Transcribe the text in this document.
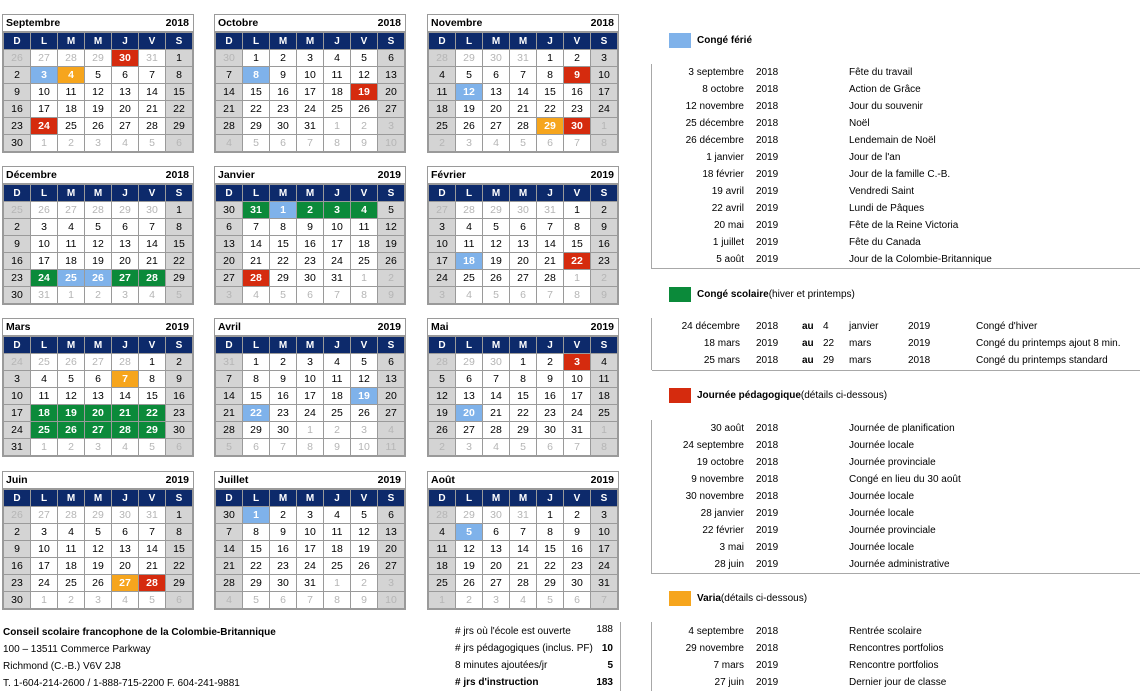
Septembre	2018
D	L	M	M	J	V	S
26	27	28	29	30	31	1
2	3	4	5	6	7	8
9	10	11	12	13	14	15
16	17	18	19	20	21	22
23	24	25	26	27	28	29
30	1	2	3	4	5	6
Octobre	2018
D	L	M	M	J	V	S
30	1	2	3	4	5	6
7	8	9	10	11	12	13
14	15	16	17	18	19	20
21	22	23	24	25	26	27
28	29	30	31	1	2	3
4	5	6	7	8	9	10
Novembre	2018
D	L	M	M	J	V	S
28	29	30	31	1	2	3
4	5	6	7	8	9	10
11	12	13	14	15	16	17
18	19	20	21	22	23	24
25	26	27	28	29	30	1
2	3	4	5	6	7	8
Décembre	2018
D	L	M	M	J	V	S
25	26	27	28	29	30	1
2	3	4	5	6	7	8
9	10	11	12	13	14	15
16	17	18	19	20	21	22
23	24	25	26	27	28	29
30	31	1	2	3	4	5
Janvier	2019
D	L	M	M	J	V	S
30	31	1	2	3	4	5
6	7	8	9	10	11	12
13	14	15	16	17	18	19
20	21	22	23	24	25	26
27	28	29	30	31	1	2
3	4	5	6	7	8	9
Février	2019
D	L	M	M	J	V	S
27	28	29	30	31	1	2
3	4	5	6	7	8	9
10	11	12	13	14	15	16
17	18	19	20	21	22	23
24	25	26	27	28	1	2
3	4	5	6	7	8	9
Mars	2019
D	L	M	M	J	V	S
24	25	26	27	28	1	2
3	4	5	6	7	8	9
10	11	12	13	14	15	16
17	18	19	20	21	22	23
24	25	26	27	28	29	30
31	1	2	3	4	5	6
Avril	2019
D	L	M	M	J	V	S
31	1	2	3	4	5	6
7	8	9	10	11	12	13
14	15	16	17	18	19	20
21	22	23	24	25	26	27
28	29	30	1	2	3	4
5	6	7	8	9	10	11
Mai	2019
D	L	M	M	J	V	S
28	29	30	1	2	3	4
5	6	7	8	9	10	11
12	13	14	15	16	17	18
19	20	21	22	23	24	25
26	27	28	29	30	31	1
2	3	4	5	6	7	8
Juin	2019
D	L	M	M	J	V	S
26	27	28	29	30	31	1
2	3	4	5	6	7	8
9	10	11	12	13	14	15
16	17	18	19	20	21	22
23	24	25	26	27	28	29
30	1	2	3	4	5	6
Juillet	2019
D	L	M	M	J	V	S
30	1	2	3	4	5	6
7	8	9	10	11	12	13
14	15	16	17	18	19	20
21	22	23	24	25	26	27
28	29	30	31	1	2	3
4	5	6	7	8	9	10
Août	2019
D	L	M	M	J	V	S
28	29	30	31	1	2	3
4	5	6	7	8	9	10
11	12	13	14	15	16	17
18	19	20	21	22	23	24
25	26	27	28	29	30	31
1	2	3	4	5	6	7
Congé férié
3 septembre 2018	Fête du travail
8 octobre 2018	Action de Grâce
12 novembre 2018	Jour du souvenir
25 décembre 2018	Noël
26 décembre 2018	Lendemain de Noël
1 janvier 2019	Jour de l'an
18 février 2019	Jour de la famille C.-B.
19 avril 2019	Vendredi Saint
22 avril 2019	Lundi de Pâques
20 mai 2019	Fête de la Reine Victoria
1 juillet 2019	Fête du Canada
5 août 2019	Jour de la Colombie-Britannique
Congé scolaire (hiver et printemps)
24 décembre 2018 au 4 janvier	2019	Congé d'hiver
18 mars 2019 au 22 mars	2019	Congé du printemps ajout 8 min.
25 mars 2018 au 29 mars	2018	Congé du printemps standard
Journée pédagogique (détails ci-dessous)
30 août 2018	Journée de planification
24 septembre 2018	Journée locale
19 octobre 2018	Journée provinciale
9 novembre 2018	Congé en lieu du 30 août
30 novembre 2018	Journée locale
28 janvier 2019	Journée locale
22 février 2019	Journée provinciale
3 mai 2019	Journée locale
28 juin 2019	Journée administrative
Varia (détails ci-dessous)
4 septembre 2018	Rentrée scolaire
29 novembre 2018	Rencontres portfolios
7 mars 2019	Rencontre portfolios
27 juin 2019	Dernier jour de classe
Conseil scolaire francophone de la Colombie-Britannique
100 – 13511 Commerce Parkway
Richmond (C.-B.) V6V 2J8
T. 1-604-214-2600 / 1-888-715-2200 F. 604-241-9881
# jrs où l'école est ouverte	188
# jrs pédagogiques (inclus. PF) 10
8 minutes ajoutées/jr	5
# jrs d'instruction	183
